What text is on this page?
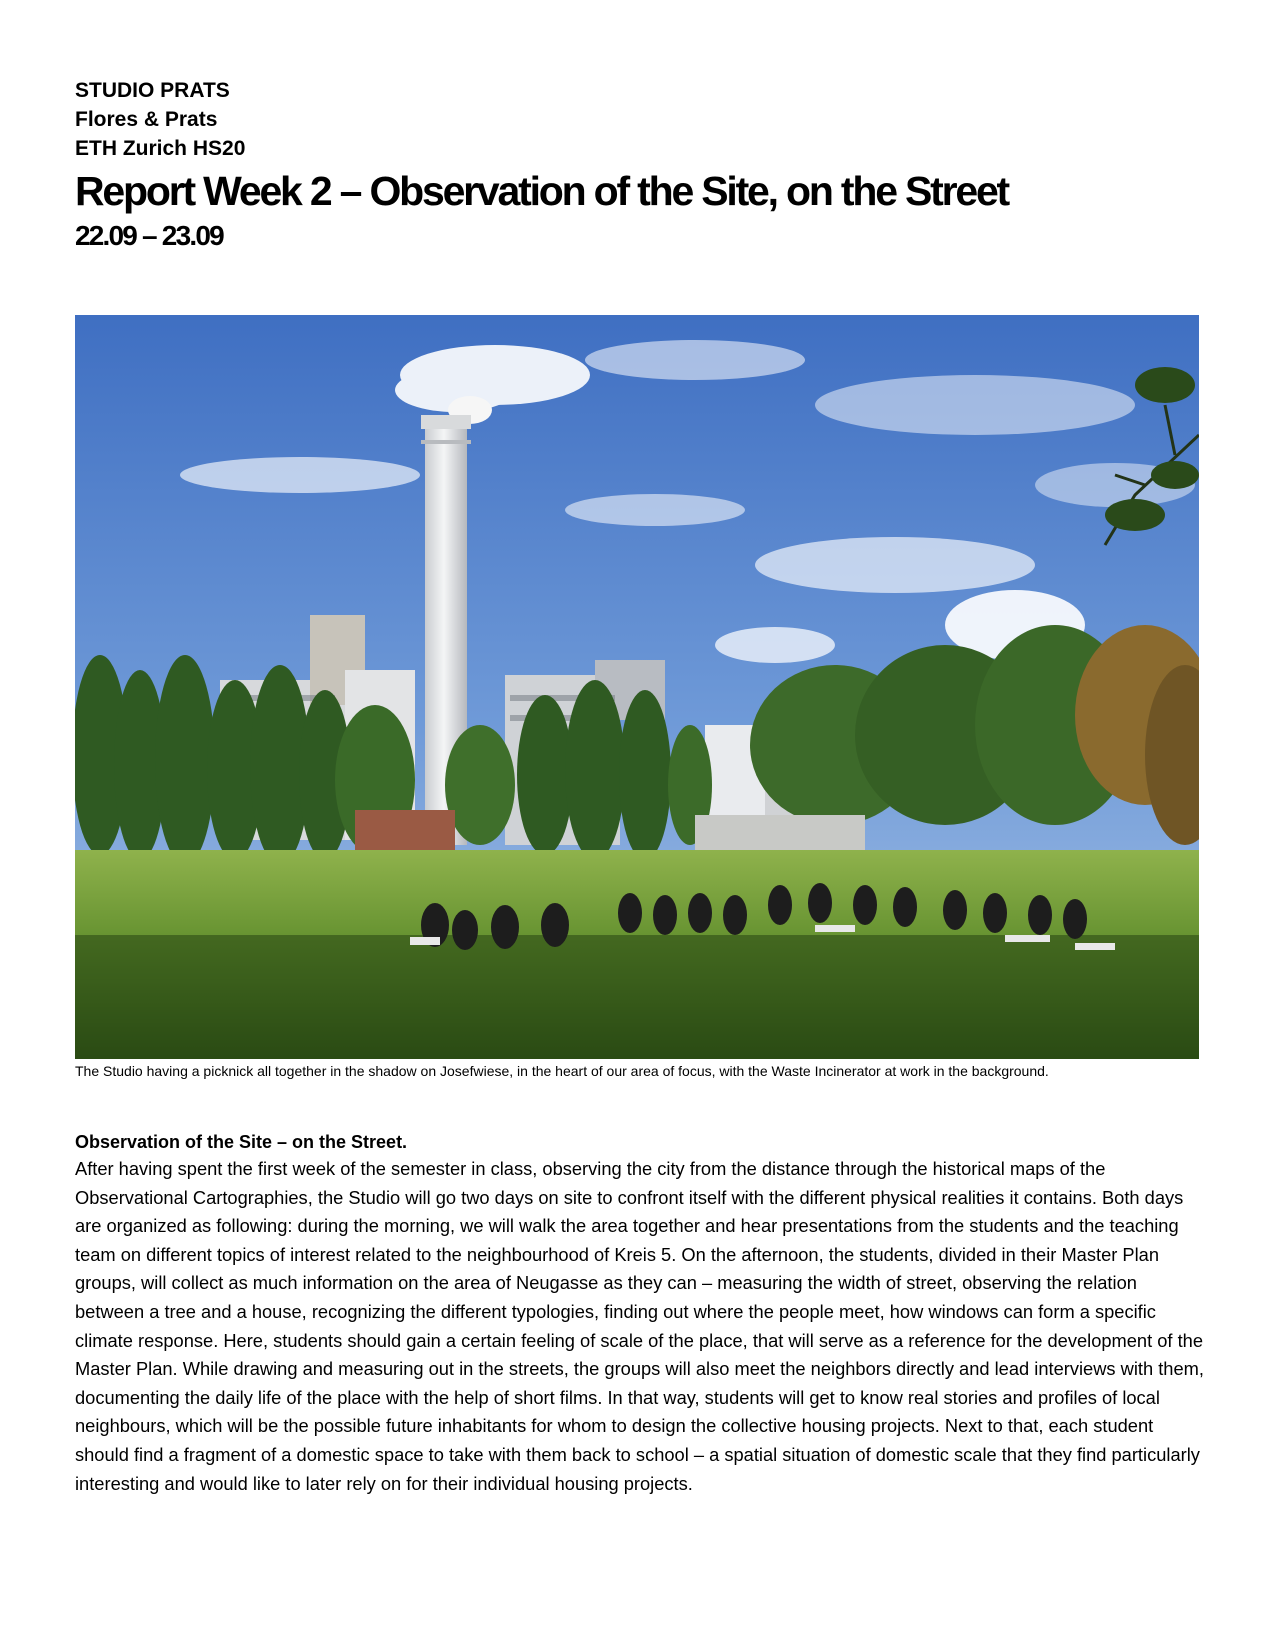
STUDIO PRATS

Flores & Prats

ETH Zurich HS20

Report Week 2 – Observation of the Site, on the Street

22.09 – 23.09

The Studio having a picknick all together in the shadow on Josefwiese, in the heart of our area of focus, with the Waste Incinerator at work in the background.

Observation of the Site – on the Street.

After having spent the first week of the semester in class, observing the city from the distance through the historical maps of the Observational Cartographies, the Studio will go two days on site to confront itself with the different physical realities it contains. Both days are organized as following: during the morning, we will walk the area together and hear presentations from the students and the teaching team on different topics of interest related to the neighbourhood of Kreis 5. On the afternoon, the students, divided in their Master Plan groups, will collect as much information on the area of Neugasse as they can – measuring the width of street, observing the relation between a tree and a house, recognizing the different typologies, finding out where the people meet, how windows can form a specific climate response. Here, students should gain a certain feeling of scale of the place, that will serve as a reference for the development of the Master Plan. While drawing and measuring out in the streets, the groups will also meet the neighbors directly and lead interviews with them, documenting the daily life of the place with the help of short films. In that way, students will get to know real stories and profiles of local neighbours, which will be the possible future inhabitants for whom to design the collective housing projects. Next to that, each student should find a fragment of a domestic space to take with them back to school – a spatial situation of domestic scale that they find particularly interesting and would like to later rely on for their individual housing projects.
